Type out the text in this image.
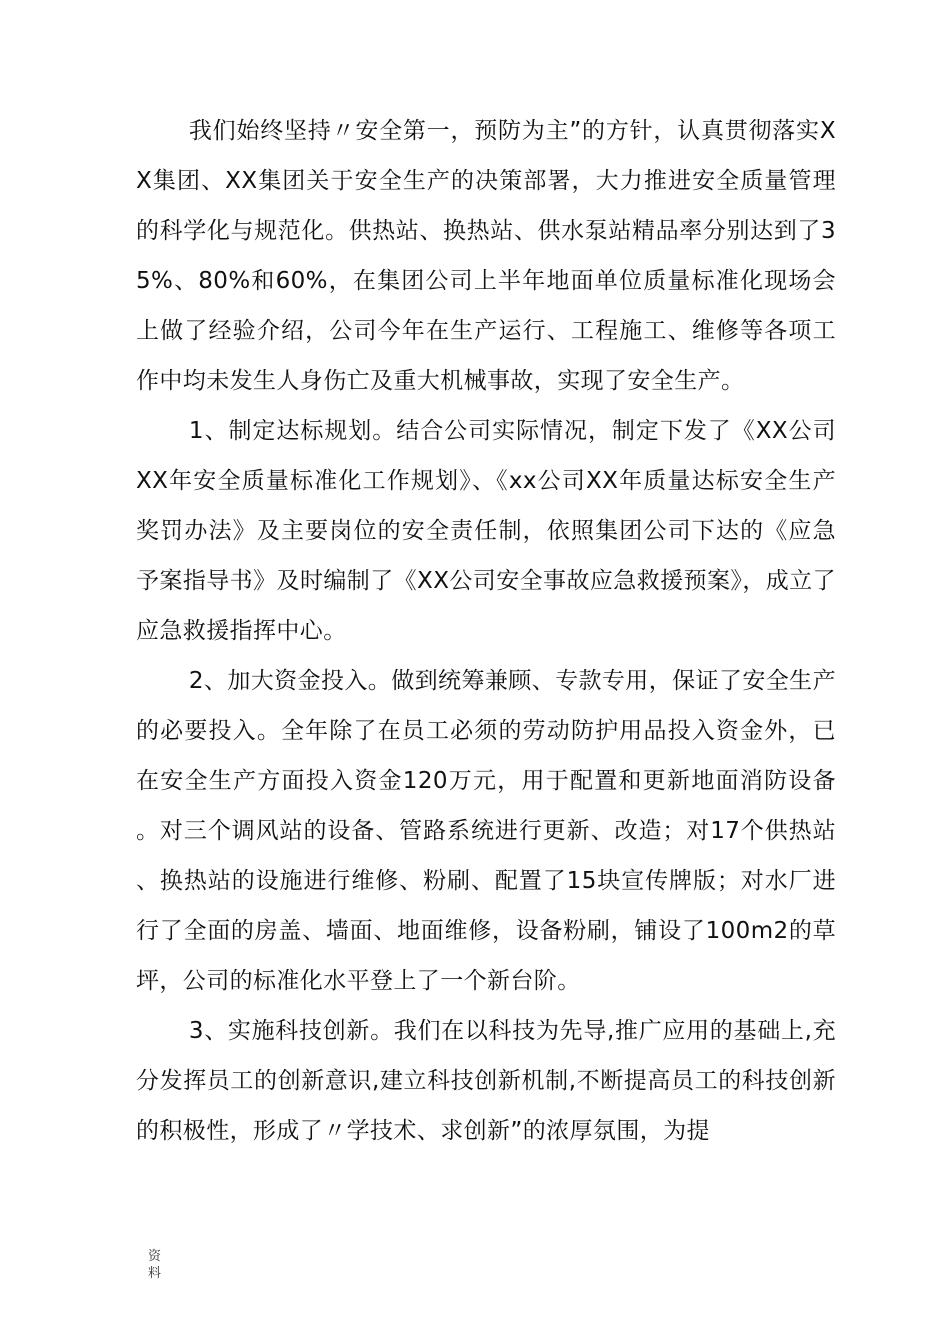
我们始终坚持〃安全第一，预防为主”的方针，认真贯彻落实XX集团、XX集团关于安全生产的决策部署，大力推进安全质量管理的科学化与规范化。供热站、换热站、供水泵站精品率分别达到了35%、80%和60%，在集团公司上半年地面单位质量标准化现场会上做了经验介绍，公司今年在生产运行、工程施工、维修等各项工作中均未发生人身伤亡及重大机械事故，实现了安全生产。

1、制定达标规划。结合公司实际情况，制定下发了《XX公司XX年安全质量标准化工作规划》、《xx公司XX年质量达标安全生产奖罚办法》及主要岗位的安全责任制，依照集团公司下达的《应急予案指导书》及时编制了《XX公司安全事故应急救援预案》，成立了应急救援指挥中心。

2、加大资金投入。做到统筹兼顾、专款专用，保证了安全生产的必要投入。全年除了在员工必须的劳动防护用品投入资金外，已在安全生产方面投入资金120万元，用于配置和更新地面消防设备。对三个调风站的设备、管路系统进行更新、改造；对17个供热站、换热站的设施进行维修、粉刷、配置了15块宣传牌版；对水厂进行了全面的房盖、墙面、地面维修，设备粉刷，铺设了100m2的草坪，公司的标准化水平登上了一个新台阶。

3、实施科技创新。我们在以科技为先导,推广应用的基础上,充分发挥员工的创新意识,建立科技创新机制,不断提高员工的科技创新的积极性，形成了〃学技术、求创新”的浓厚氛围，为提

资料
